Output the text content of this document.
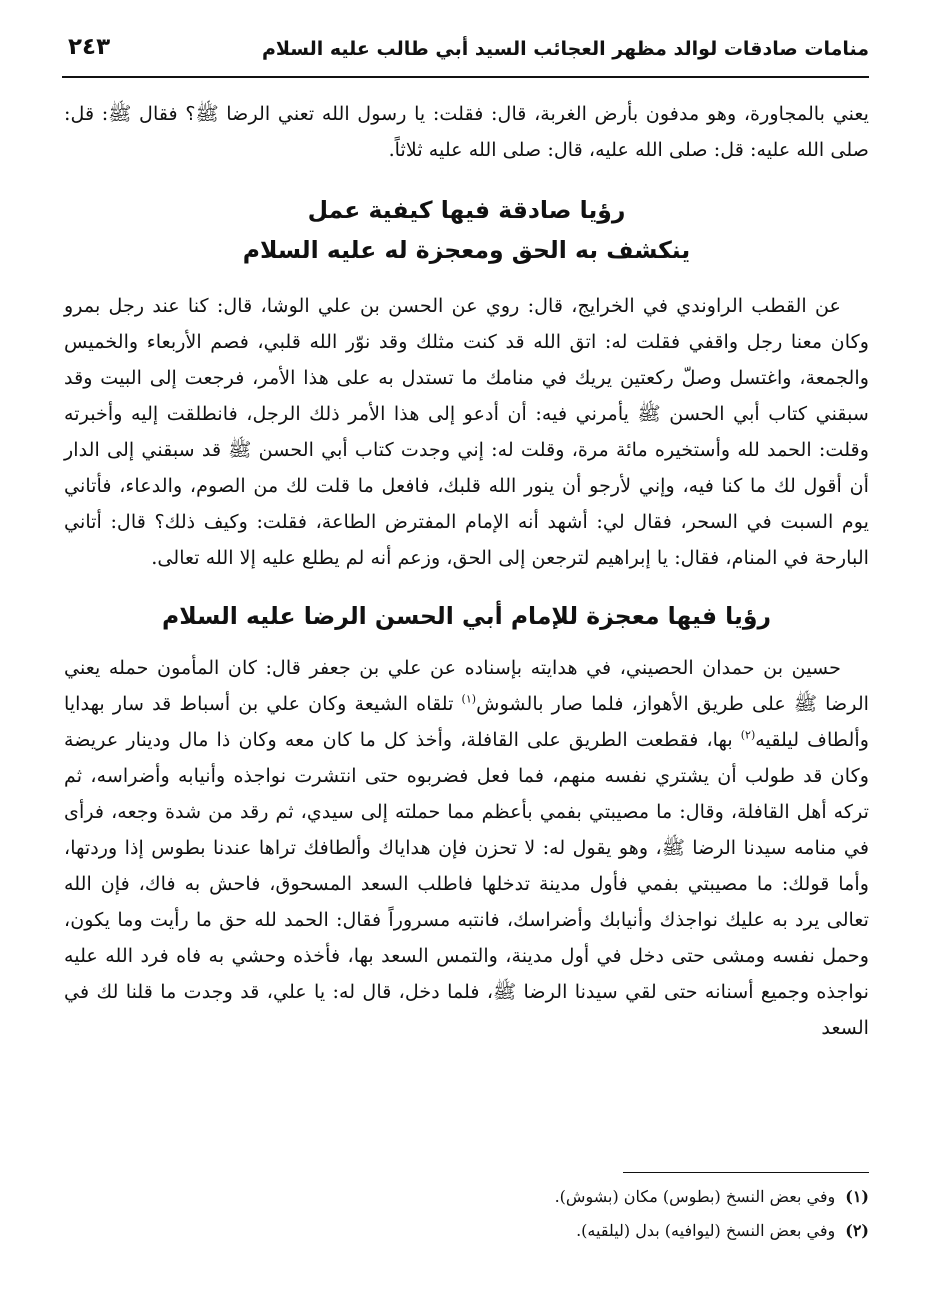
منامات صادقات لوالد مظهر العجائب السيد أبي طالب عليه السلام
٢٤٣

يعني بالمجاورة، وهو مدفون بأرض الغربة، قال: فقلت: يا رسول الله تعني الرضا ﷺ؟ فقال ﷺ: قل: صلى الله عليه: قل: صلى الله عليه، قال: صلى الله عليه ثلاثاً.

رؤيا صادقة فيها كيفية عمل

ينكشف به الحق ومعجزة له عليه السلام

عن القطب الراوندي في الخرايج، قال: روي عن الحسن بن علي الوشا، قال: كنا عند رجل بمرو وكان معنا رجل واقفي فقلت له: اتق الله قد كنت مثلك وقد نوّر الله قلبي، فصم الأربعاء والخميس والجمعة، واغتسل وصلّ ركعتين يريك في منامك ما تستدل به على هذا الأمر، فرجعت إلى البيت وقد سبقني كتاب أبي الحسن ﷺ يأمرني فيه: أن أدعو إلى هذا الأمر ذلك الرجل، فانطلقت إليه وأخبرته وقلت: الحمد لله وأستخيره مائة مرة، وقلت له: إني وجدت كتاب أبي الحسن ﷺ قد سبقني إلى الدار أن أقول لك ما كنا فيه، وإني لأرجو أن ينور الله قلبك، فافعل ما قلت لك من الصوم، والدعاء، فأتاني يوم السبت في السحر، فقال لي: أشهد أنه الإمام المفترض الطاعة، فقلت: وكيف ذلك؟ قال: أتاني البارحة في المنام، فقال: يا إبراهيم لترجعن إلى الحق، وزعم أنه لم يطلع عليه إلا الله تعالى.

رؤيا فيها معجزة للإمام أبي الحسن الرضا عليه السلام

حسين بن حمدان الحصيني، في هدايته بإسناده عن علي بن جعفر قال: كان المأمون حمله يعني الرضا ﷺ على طريق الأهواز، فلما صار بالشوش$^{(١)}$ تلقاه الشيعة وكان علي بن أسباط قد سار بهدايا وألطاف ليلقيه$^{(٢)}$ بها، فقطعت الطريق على القافلة، وأخذ كل ما كان معه وكان ذا مال ودينار عريضة وكان قد طولب أن يشتري نفسه منهم، فما فعل فضربوه حتى انتشرت نواجذه وأنيابه وأضراسه، ثم تركه أهل القافلة، وقال: ما مصيبتي بفمي بأعظم مما حملته إلى سيدي، ثم رقد من شدة وجعه، فرأى في منامه سيدنا الرضا ﷺ، وهو يقول له: لا تحزن فإن هداياك وألطافك تراها عندنا بطوس إذا وردتها، وأما قولك: ما مصيبتي بفمي فأول مدينة تدخلها فاطلب السعد المسحوق، فاحش به فاك، فإن الله تعالى يرد به عليك نواجذك وأنيابك وأضراسك، فانتبه مسروراً فقال: الحمد لله حق ما رأيت وما يكون، وحمل نفسه ومشى حتى دخل في أول مدينة، والتمس السعد بها، فأخذه وحشي به فاه فرد الله عليه نواجذه وجميع أسنانه حتى لقي سيدنا الرضا ﷺ، فلما دخل، قال له: يا علي، قد وجدت ما قلنا لك في السعد

(١)وفي بعض النسخ (بطوس) مكان (بشوش).

(٢)وفي بعض النسخ (ليوافيه) بدل (ليلقيه).
